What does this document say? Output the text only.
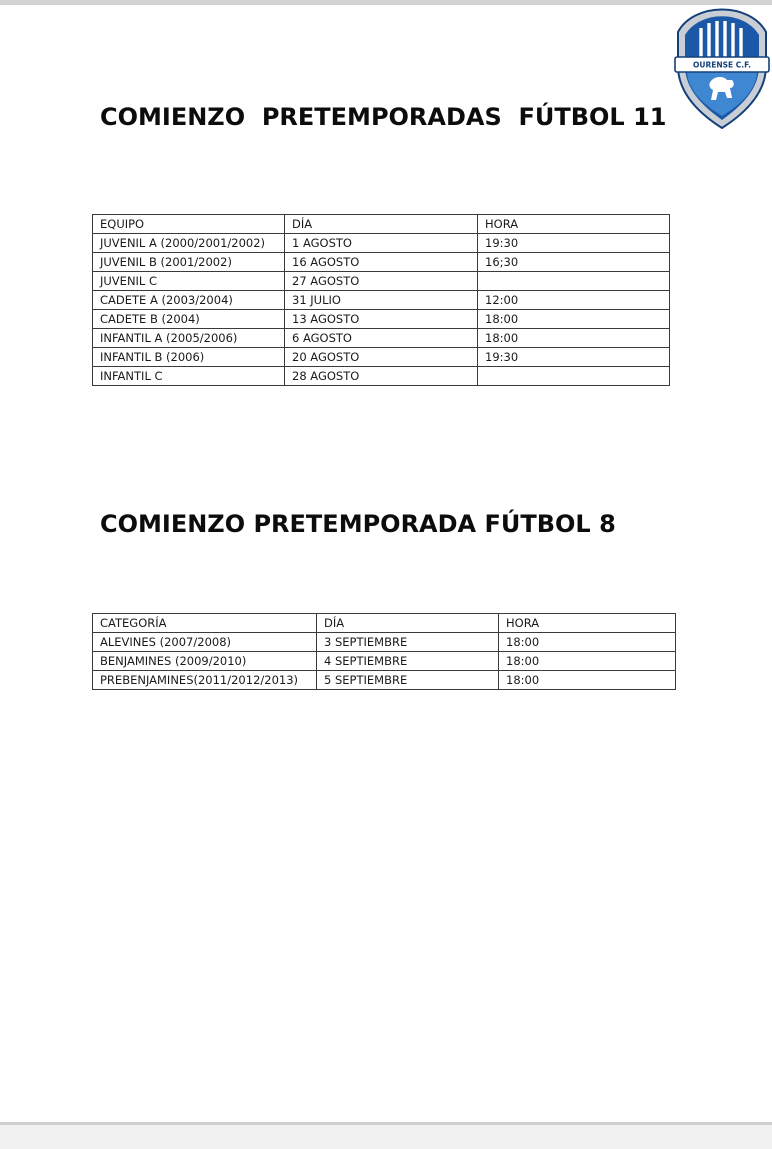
OURENSE C.F.
COMIENZO  PRETEMPORADAS  FÚTBOL 11
EQUIPO	DÍA	HORA
JUVENIL A (2000/2001/2002)	1 AGOSTO	19:30
JUVENIL B (2001/2002)	16 AGOSTO	16;30
JUVENIL C	27 AGOSTO	
CADETE A (2003/2004)	31 JULIO	12:00
CADETE B (2004)	13 AGOSTO	18:00
INFANTIL A (2005/2006)	6 AGOSTO	18:00
INFANTIL B (2006)	20 AGOSTO	19:30
INFANTIL C	28 AGOSTO	
COMIENZO PRETEMPORADA FÚTBOL 8
CATEGORÍA	DÍA	HORA
ALEVINES (2007/2008)	3 SEPTIEMBRE	18:00
BENJAMINES (2009/2010)	4 SEPTIEMBRE	18:00
PREBENJAMINES(2011/2012/2013)	5 SEPTIEMBRE	18:00
